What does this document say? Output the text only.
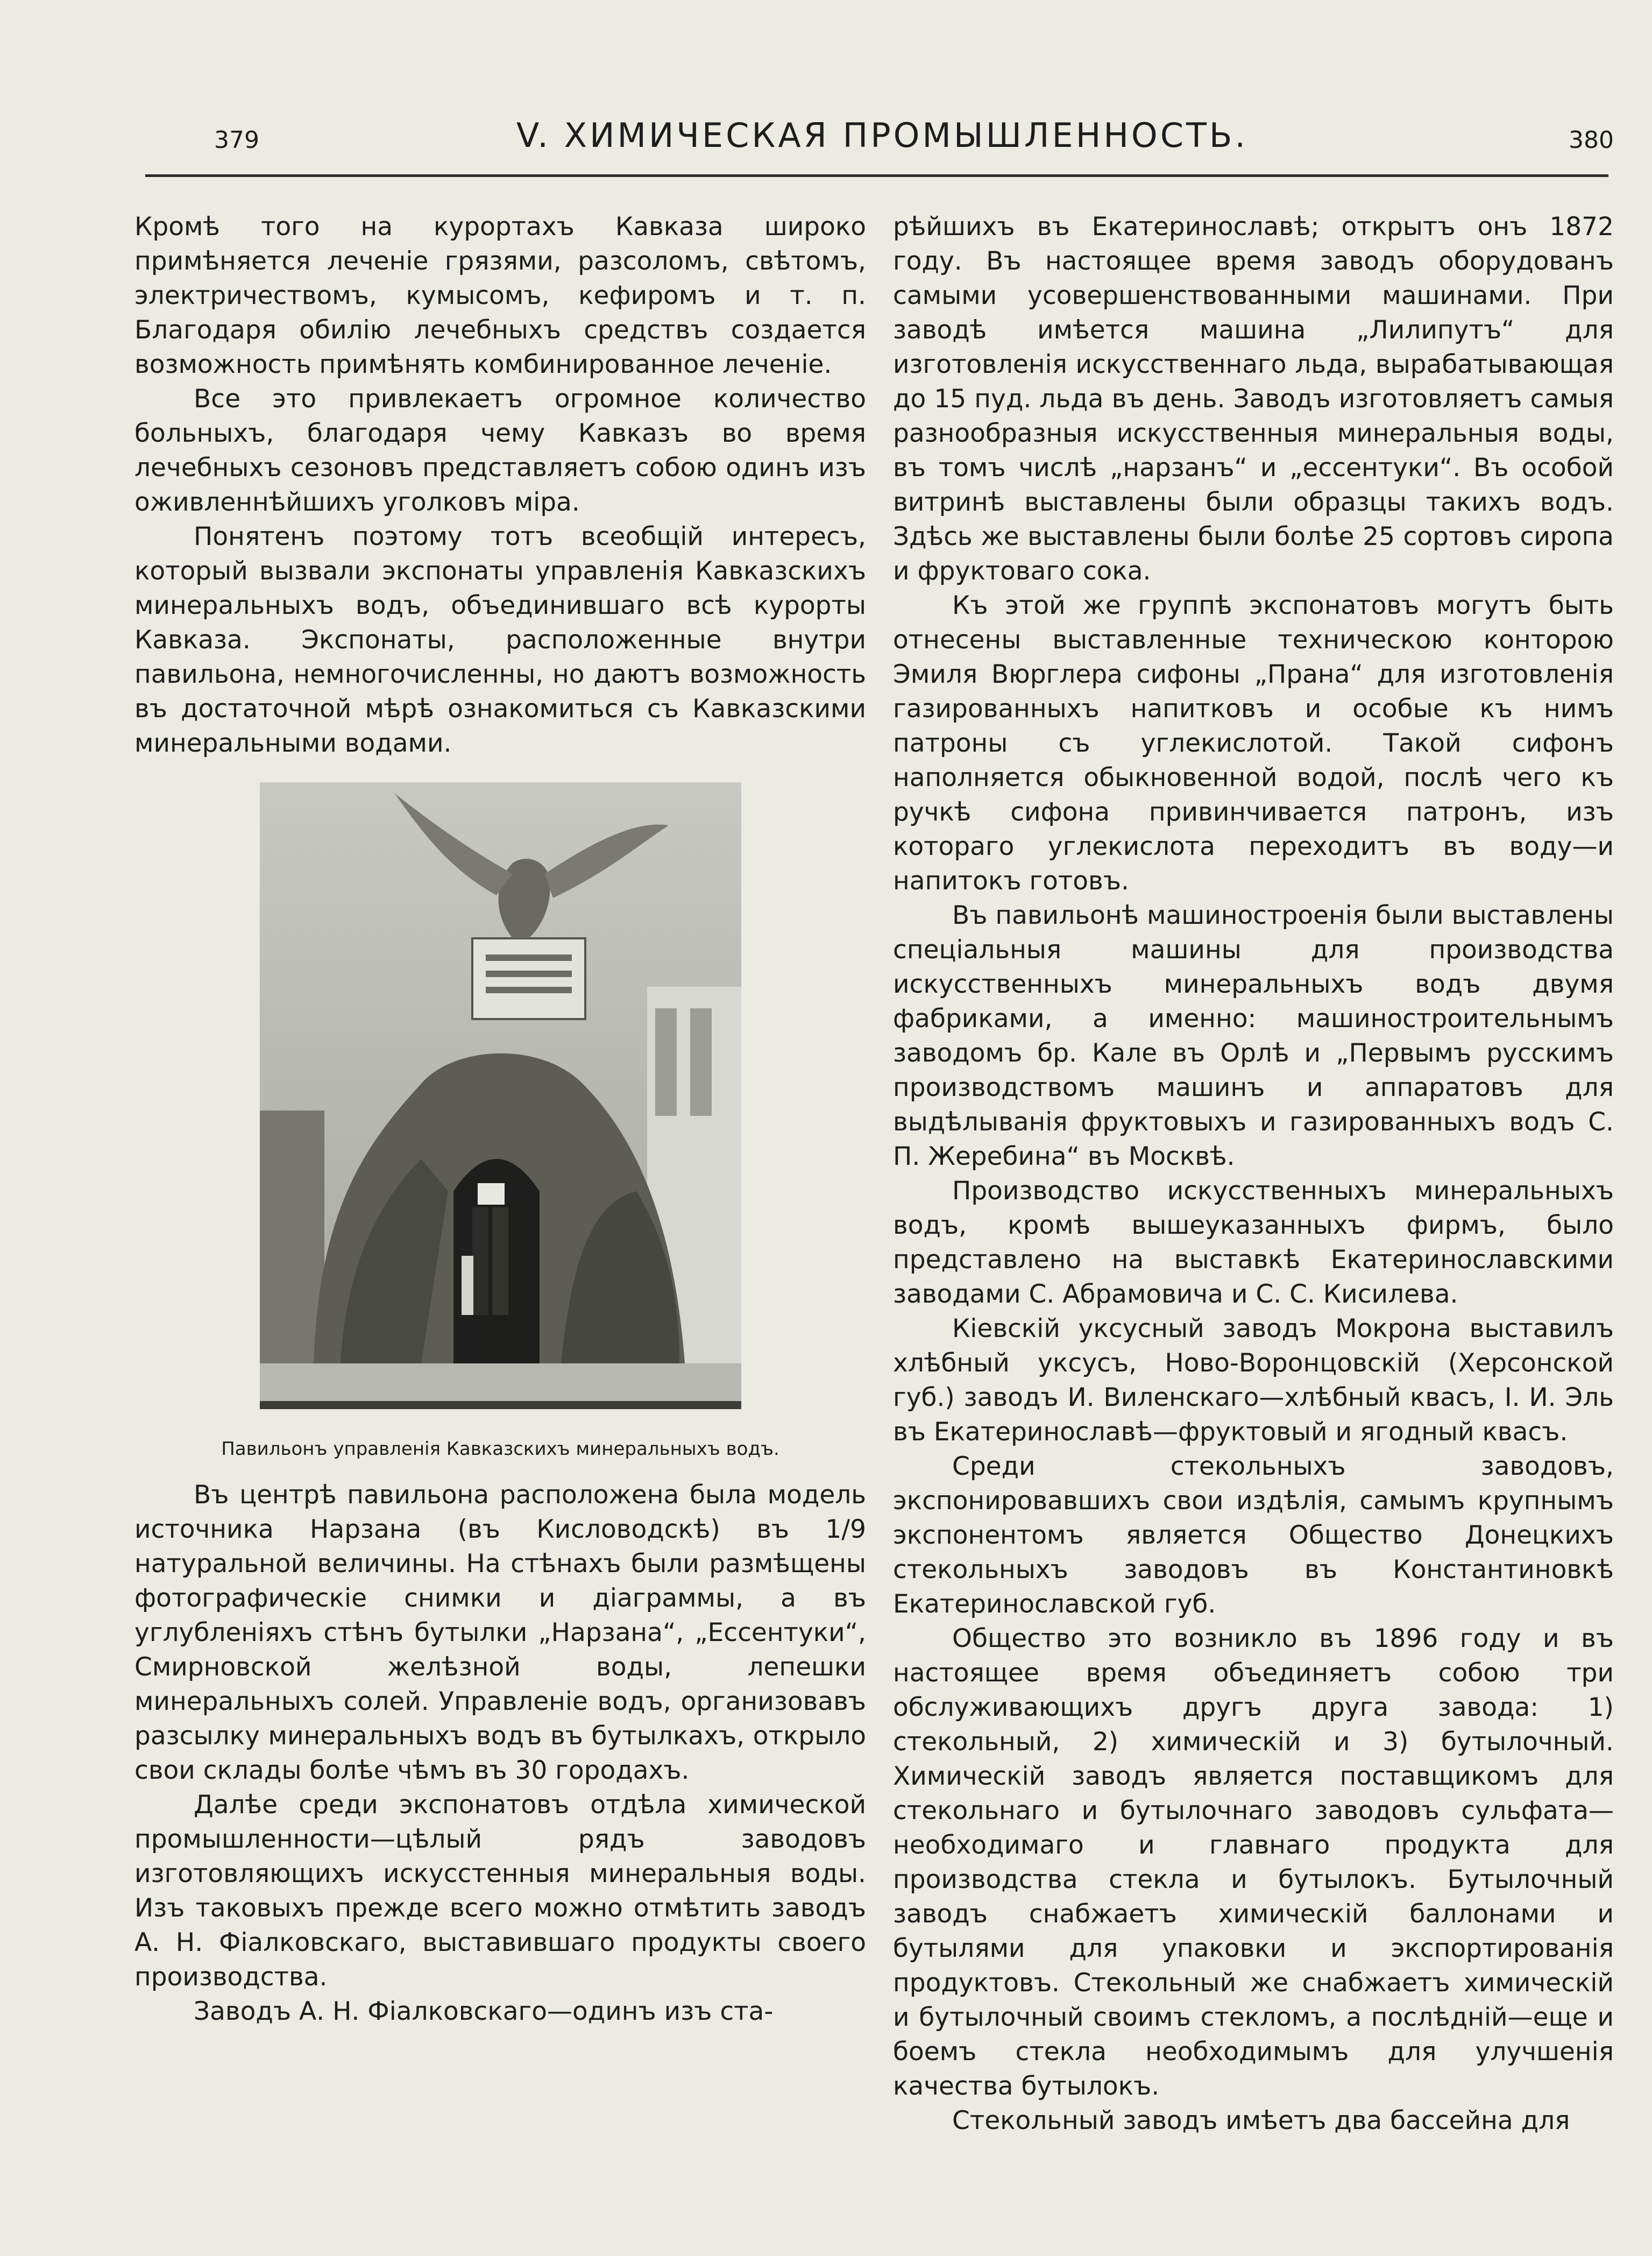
379	V. ХИМИЧЕСКАЯ ПРОМЫШЛЕННОСТЬ.	380

Кромѣ того на курортахъ Кавказа широко примѣняется леченіе грязями, разсоломъ, свѣтомъ, электричествомъ, кумысомъ, кефиромъ и т. п. Благодаря обилію лечебныхъ средствъ создается возможность примѣнять комбинированное леченіе.

Все это привлекаетъ огромное количество больныхъ, благодаря чему Кавказъ во время лечебныхъ сезоновъ представляетъ собою одинъ изъ оживленнѣйшихъ уголковъ міра.

Понятенъ поэтому тотъ всеобщій интересъ, который вызвали экспонаты управленія Кавказскихъ минеральныхъ водъ, объединившаго всѣ курорты Кавказа. Экспонаты, расположенные внутри павильона, немногочисленны, но даютъ возможность въ достаточной мѣрѣ ознакомиться съ Кавказскими минеральными водами.

Павильонъ управленія Кавказскихъ минеральныхъ водъ.

Въ центрѣ павильона расположена была модель источника Нарзана (въ Кисловодскѣ) въ 1/9 натуральной величины. На стѣнахъ были размѣщены фотографическіе снимки и діаграммы, а въ углубленіяхъ стѣнъ бутылки „Нарзана“, „Ессентуки“, Смирновской желѣзной воды, лепешки минеральныхъ солей. Управленіе водъ, организовавъ разсылку минеральныхъ водъ въ бутылкахъ, открыло свои склады болѣе чѣмъ въ 30 городахъ.

Далѣе среди экспонатовъ отдѣла химической промышленности—цѣлый рядъ заводовъ изготовляющихъ искусстенныя минеральныя воды. Изъ таковыхъ прежде всего можно отмѣтить заводъ А. Н. Фіалковскаго, выставившаго продукты своего производства.

Заводъ А. Н. Фіалковскаго—одинъ изъ ста-

рѣйшихъ въ Екатеринославѣ; открытъ онъ 1872 году. Въ настоящее время заводъ оборудованъ самыми усовершенствованными машинами. При заводѣ имѣется машина „Лилипутъ“ для изготовленія искусственнаго льда, вырабатывающая до 15 пуд. льда въ день. Заводъ изготовляетъ самыя разнообразныя искусственныя минеральныя воды, въ томъ числѣ „нарзанъ“ и „ессентуки“. Въ особой витринѣ выставлены были образцы такихъ водъ. Здѣсь же выставлены были болѣе 25 сортовъ сиропа и фруктоваго сока.

Къ этой же группѣ экспонатовъ могутъ быть отнесены выставленные техническою конторою Эмиля Вюрглера сифоны „Прана“ для изготовленія газированныхъ напитковъ и особые къ нимъ патроны съ углекислотой. Такой сифонъ наполняется обыкновенной водой, послѣ чего къ ручкѣ сифона привинчивается патронъ, изъ котораго углекислота переходитъ въ воду—и напитокъ готовъ.

Въ павильонѣ машиностроенія были выставлены спеціальныя машины для производства искусственныхъ минеральныхъ водъ двумя фабриками, а именно: машиностроительнымъ заводомъ бр. Кале въ Орлѣ и „Первымъ русскимъ производствомъ машинъ и аппаратовъ для выдѣлыванія фруктовыхъ и газированныхъ водъ С. П. Жеребина“ въ Москвѣ.

Производство искусственныхъ минеральныхъ водъ, кромѣ вышеуказанныхъ фирмъ, было представлено на выставкѣ Екатеринославскими заводами С. Абрамовича и С. С. Кисилева.

Кіевскій уксусный заводъ Мокрона выставилъ хлѣбный уксусъ, Ново-Воронцовскій (Херсонской губ.) заводъ И. Виленскаго—хлѣбный квасъ, І. И. Эль въ Екатеринославѣ—фруктовый и ягодный квасъ.

Среди стекольныхъ заводовъ, экспонировавшихъ свои издѣлія, самымъ крупнымъ экспонентомъ является Общество Донецкихъ стекольныхъ заводовъ въ Константиновкѣ Екатеринославской губ.

Общество это возникло въ 1896 году и въ настоящее время объединяетъ собою три обслуживающихъ другъ друга завода: 1) стекольный, 2) химическій и 3) бутылочный. Химическій заводъ является поставщикомъ для стекольнаго и бутылочнаго заводовъ сульфата—необходимаго и главнаго продукта для производства стекла и бутылокъ. Бутылочный заводъ снабжаетъ химическій баллонами и бутылями для упаковки и экспортированія продуктовъ. Стекольный же снабжаетъ химическій и бутылочный своимъ стекломъ, а послѣдній—еще и боемъ стекла необходимымъ для улучшенія качества бутылокъ.

Стекольный заводъ имѣетъ два бассейна для
